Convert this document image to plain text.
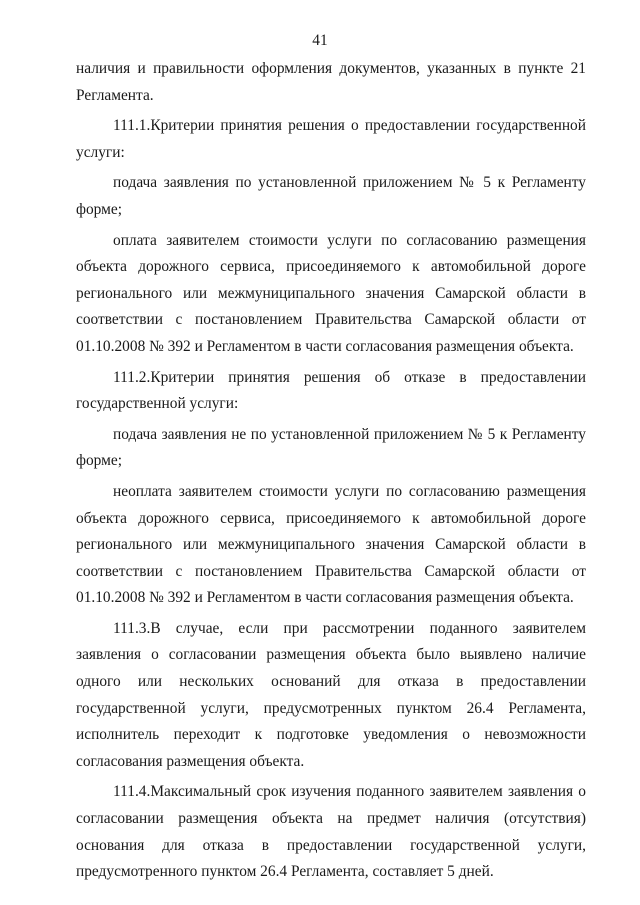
41

наличия и правильности оформления документов, указанных в пункте 21 Регламента.

111.1.Критерии принятия решения о предоставлении государственной услуги:

подача заявления по установленной приложением № 5 к Регламенту форме;

оплата заявителем стоимости услуги по согласованию размещения объекта дорожного сервиса, присоединяемого к автомобильной дороге регионального или межмуниципального значения Самарской области в соответствии с постановлением Правительства Самарской области от 01.10.2008 № 392 и Регламентом в части согласования размещения объекта.

111.2.Критерии принятия решения об отказе в предоставлении государственной услуги:

подача заявления не по установленной приложением № 5 к Регламенту форме;

неоплата заявителем стоимости услуги по согласованию размещения объекта дорожного сервиса, присоединяемого к автомобильной дороге регионального или межмуниципального значения Самарской области в соответствии с постановлением Правительства Самарской области от 01.10.2008 № 392 и Регламентом в части согласования размещения объекта.

111.3.В случае, если при рассмотрении поданного заявителем заявления о согласовании размещения объекта было выявлено наличие одного или нескольких оснований для отказа в предоставлении государственной услуги, предусмотренных пунктом 26.4 Регламента, исполнитель переходит к подготовке уведомления о невозможности согласования размещения объекта.

111.4.Максимальный срок изучения поданного заявителем заявления о согласовании размещения объекта на предмет наличия (отсутствия) основания для отказа в предоставлении государственной услуги, предусмотренного пунктом 26.4 Регламента, составляет 5 дней.
